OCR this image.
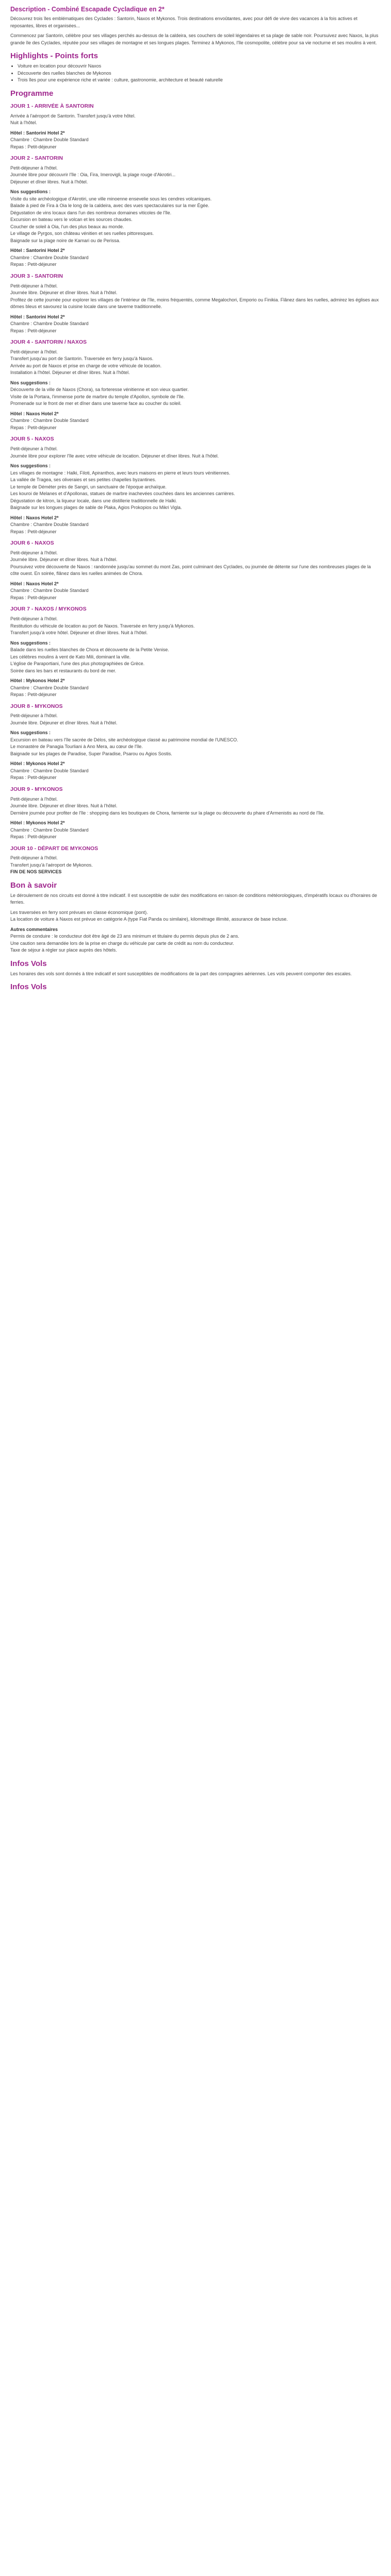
Description - Combiné Escapade Cycladique en 2*

Découvrez trois îles emblématiques des Cyclades : Santorin, Naxos et Mykonos. Trois destinations envoûtantes, avec pour défi de vivre des vacances à la fois actives et reposantes, libres et organisées...

Commencez par Santorin, célèbre pour ses villages perchés au-dessus de la caldeira, ses couchers de soleil légendaires et sa plage de sable noir. Poursuivez avec Naxos, la plus grande île des Cyclades, réputée pour ses villages de montagne et ses longues plages. Terminez à Mykonos, l'île cosmopolite, célèbre pour sa vie nocturne et ses moulins à vent.

Highlights - Points forts
• Voiture en location pour découvrir Naxos
• Découverte des ruelles blanches de Mykonos
• Trois îles pour une expérience riche et variée : culture, gastronomie, architecture et beauté naturelle
Programme
JOUR 1 - ARRIVÉE À SANTORIN
Arrivée à l'aéroport de Santorin. Transfert jusqu'à votre hôtel.
Nuit à l'hôtel.
Hôtel : Santorini Hotel 2*
Chambre : Chambre Double Standard
Repas : Petit-déjeuner
JOUR 2 - SANTORIN
Petit-déjeuner à l'hôtel.
Journée libre pour découvrir l'île : Oia, Fira, Imerovigli, la plage rouge d'Akrotiri...
Déjeuner et dîner libres. Nuit à l'hôtel.
Nos suggestions :
Visite du site archéologique d'Akrotiri, une ville minoenne ensevelie sous les cendres volcaniques.
Balade à pied de Fira à Oia le long de la caldeira, avec des vues spectaculaires sur la mer Égée.
Dégustation de vins locaux dans l'un des nombreux domaines viticoles de l'île.
Excursion en bateau vers le volcan et les sources chaudes.
Coucher de soleil à Oia, l'un des plus beaux au monde.
Le village de Pyrgos, son château vénitien et ses ruelles pittoresques.
Baignade sur la plage noire de Kamari ou de Perissa.
Hôtel : Santorini Hotel 2*
Chambre : Chambre Double Standard
Repas : Petit-déjeuner
JOUR 3 - SANTORIN
Petit-déjeuner à l'hôtel.
Journée libre. Déjeuner et dîner libres. Nuit à l'hôtel.
Profitez de cette journée pour explorer les villages de l'intérieur de l'île, moins fréquentés, comme Megalochori, Emporio ou Finikia. Flânez dans les ruelles, admirez les églises aux dômes bleus et savourez la cuisine locale dans une taverne traditionnelle.
Hôtel : Santorini Hotel 2*
Chambre : Chambre Double Standard
Repas : Petit-déjeuner
JOUR 4 - SANTORIN / NAXOS
Petit-déjeuner à l'hôtel.
Transfert jusqu'au port de Santorin. Traversée en ferry jusqu'à Naxos.
Arrivée au port de Naxos et prise en charge de votre véhicule de location.
Installation à l'hôtel. Déjeuner et dîner libres. Nuit à l'hôtel.
Nos suggestions :
Découverte de la ville de Naxos (Chora), sa forteresse vénitienne et son vieux quartier.
Visite de la Portara, l'immense porte de marbre du temple d'Apollon, symbole de l'île.
Promenade sur le front de mer et dîner dans une taverne face au coucher du soleil.
Hôtel : Naxos Hotel 2*
Chambre : Chambre Double Standard
Repas : Petit-déjeuner
JOUR 5 - NAXOS
Petit-déjeuner à l'hôtel.
Journée libre pour explorer l'île avec votre véhicule de location. Déjeuner et dîner libres. Nuit à l'hôtel.
Nos suggestions :
Les villages de montagne : Halki, Filoti, Apiranthos, avec leurs maisons en pierre et leurs tours vénitiennes.
La vallée de Tragea, ses oliveraies et ses petites chapelles byzantines.
Le temple de Déméter près de Sangri, un sanctuaire de l'époque archaïque.
Les kouroi de Melanes et d'Apollonas, statues de marbre inachevées couchées dans les anciennes carrières.
Dégustation de kitron, la liqueur locale, dans une distillerie traditionnelle de Halki.
Baignade sur les longues plages de sable de Plaka, Agios Prokopios ou Mikri Vigla.
Hôtel : Naxos Hotel 2*
Chambre : Chambre Double Standard
Repas : Petit-déjeuner
JOUR 6 - NAXOS
Petit-déjeuner à l'hôtel.
Journée libre. Déjeuner et dîner libres. Nuit à l'hôtel.
Poursuivez votre découverte de Naxos : randonnée jusqu'au sommet du mont Zas, point culminant des Cyclades, ou journée de détente sur l'une des nombreuses plages de la côte ouest. En soirée, flânez dans les ruelles animées de Chora.
Hôtel : Naxos Hotel 2*
Chambre : Chambre Double Standard
Repas : Petit-déjeuner
JOUR 7 - NAXOS / MYKONOS
Petit-déjeuner à l'hôtel.
Restitution du véhicule de location au port de Naxos. Traversée en ferry jusqu'à Mykonos.
Transfert jusqu'à votre hôtel. Déjeuner et dîner libres. Nuit à l'hôtel.
Nos suggestions :
Balade dans les ruelles blanches de Chora et découverte de la Petite Venise.
Les célèbres moulins à vent de Kato Mili, dominant la ville.
L'église de Paraportiani, l'une des plus photographiées de Grèce.
Soirée dans les bars et restaurants du bord de mer.
Hôtel : Mykonos Hotel 2*
Chambre : Chambre Double Standard
Repas : Petit-déjeuner
JOUR 8 - MYKONOS
Petit-déjeuner à l'hôtel.
Journée libre. Déjeuner et dîner libres. Nuit à l'hôtel.
Nos suggestions :
Excursion en bateau vers l'île sacrée de Délos, site archéologique classé au patrimoine mondial de l'UNESCO.
Le monastère de Panagia Tourliani à Ano Mera, au cœur de l'île.
Baignade sur les plages de Paradise, Super Paradise, Psarou ou Agios Sostis.
Hôtel : Mykonos Hotel 2*
Chambre : Chambre Double Standard
Repas : Petit-déjeuner
JOUR 9 - MYKONOS
Petit-déjeuner à l'hôtel.
Journée libre. Déjeuner et dîner libres. Nuit à l'hôtel.
Dernière journée pour profiter de l'île : shopping dans les boutiques de Chora, farniente sur la plage ou découverte du phare d'Armenistis au nord de l'île.
Hôtel : Mykonos Hotel 2*
Chambre : Chambre Double Standard
Repas : Petit-déjeuner
JOUR 10 - DÉPART DE MYKONOS
Petit-déjeuner à l'hôtel.
Transfert jusqu'à l'aéroport de Mykonos.
FIN DE NOS SERVICES
Bon à savoir
Le déroulement de nos circuits est donné à titre indicatif. Il est susceptible de subir des modifications en raison de conditions météorologiques, d'impératifs locaux ou d'horaires de ferries.
Les traversées en ferry sont prévues en classe économique (pont).
La location de voiture à Naxos est prévue en catégorie A (type Fiat Panda ou similaire), kilométrage illimité, assurance de base incluse.
Autres commentaires
Permis de conduire : le conducteur doit être âgé de 23 ans minimum et titulaire du permis depuis plus de 2 ans.
Une caution sera demandée lors de la prise en charge du véhicule par carte de crédit au nom du conducteur.
Taxe de séjour à régler sur place auprès des hôtels.
Infos Vols

Les horaires des vols sont donnés à titre indicatif et sont susceptibles de modifications de la part des compagnies aériennes. Les vols peuvent comporter des escales.

Infos Vols
